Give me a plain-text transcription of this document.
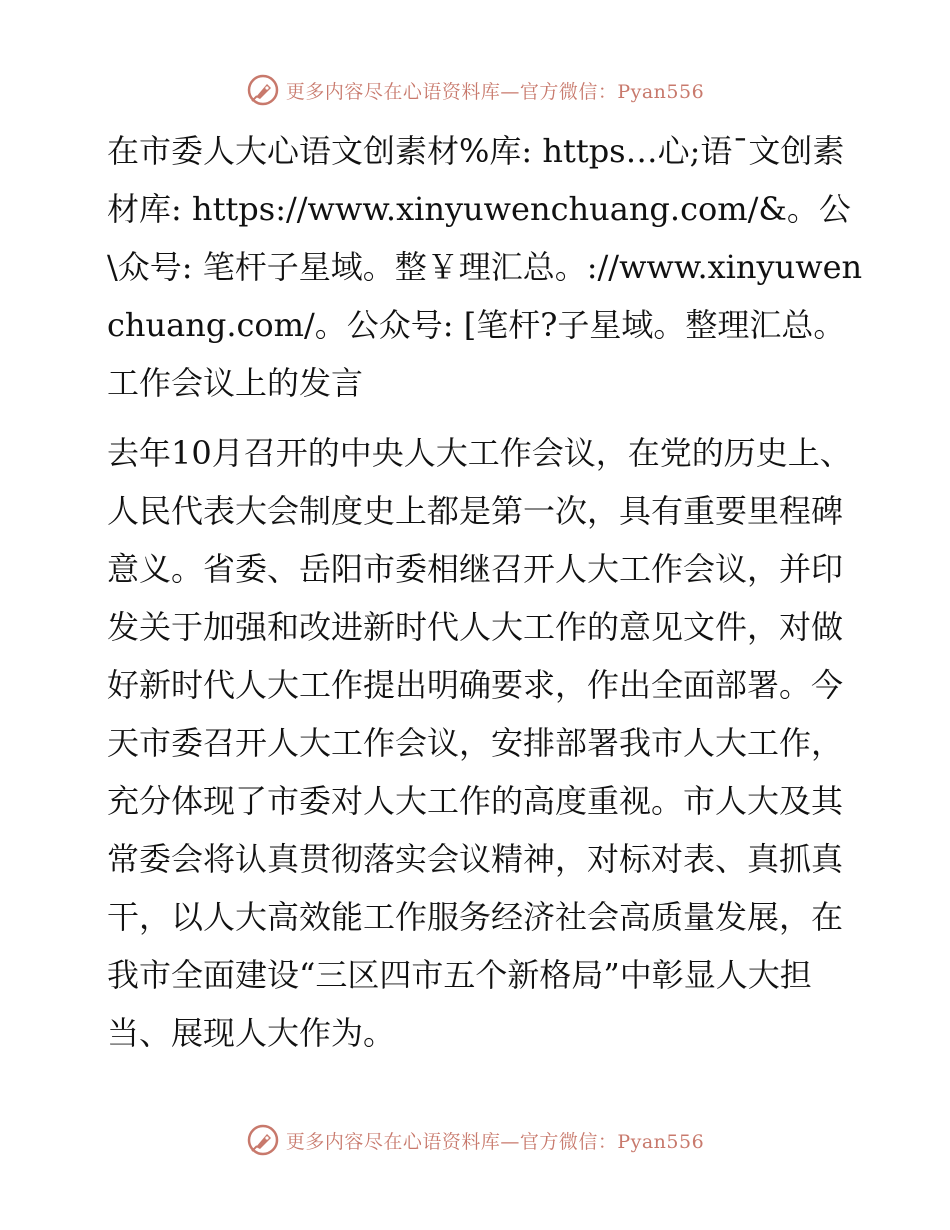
更多内容尽在心语资料库—官方微信：Pyan556

在市委人大心语文创素材%库: https…心;语¯文创素材库: https://www.xinyuwenchuang.com/&。公\众号: 笔杆子星域。整￥理汇总。://www.xinyuwenchuang.com/。公众号: [笔杆?子星域。整理汇总。工作会议上的发言

去年10月召开的中央人大工作会议，在党的历史上、人民代表大会制度史上都是第一次，具有重要里程碑意义。省委、岳阳市委相继召开人大工作会议，并印发关于加强和改进新时代人大工作的意见文件，对做好新时代人大工作提出明确要求，作出全面部署。今天市委召开人大工作会议，安排部署我市人大工作，充分体现了市委对人大工作的高度重视。市人大及其常委会将认真贯彻落实会议精神，对标对表、真抓真干，以人大高效能工作服务经济社会高质量发展，在我市全面建设“三区四市五个新格局”中彰显人大担当、展现人大作为。

更多内容尽在心语资料库—官方微信：Pyan556
